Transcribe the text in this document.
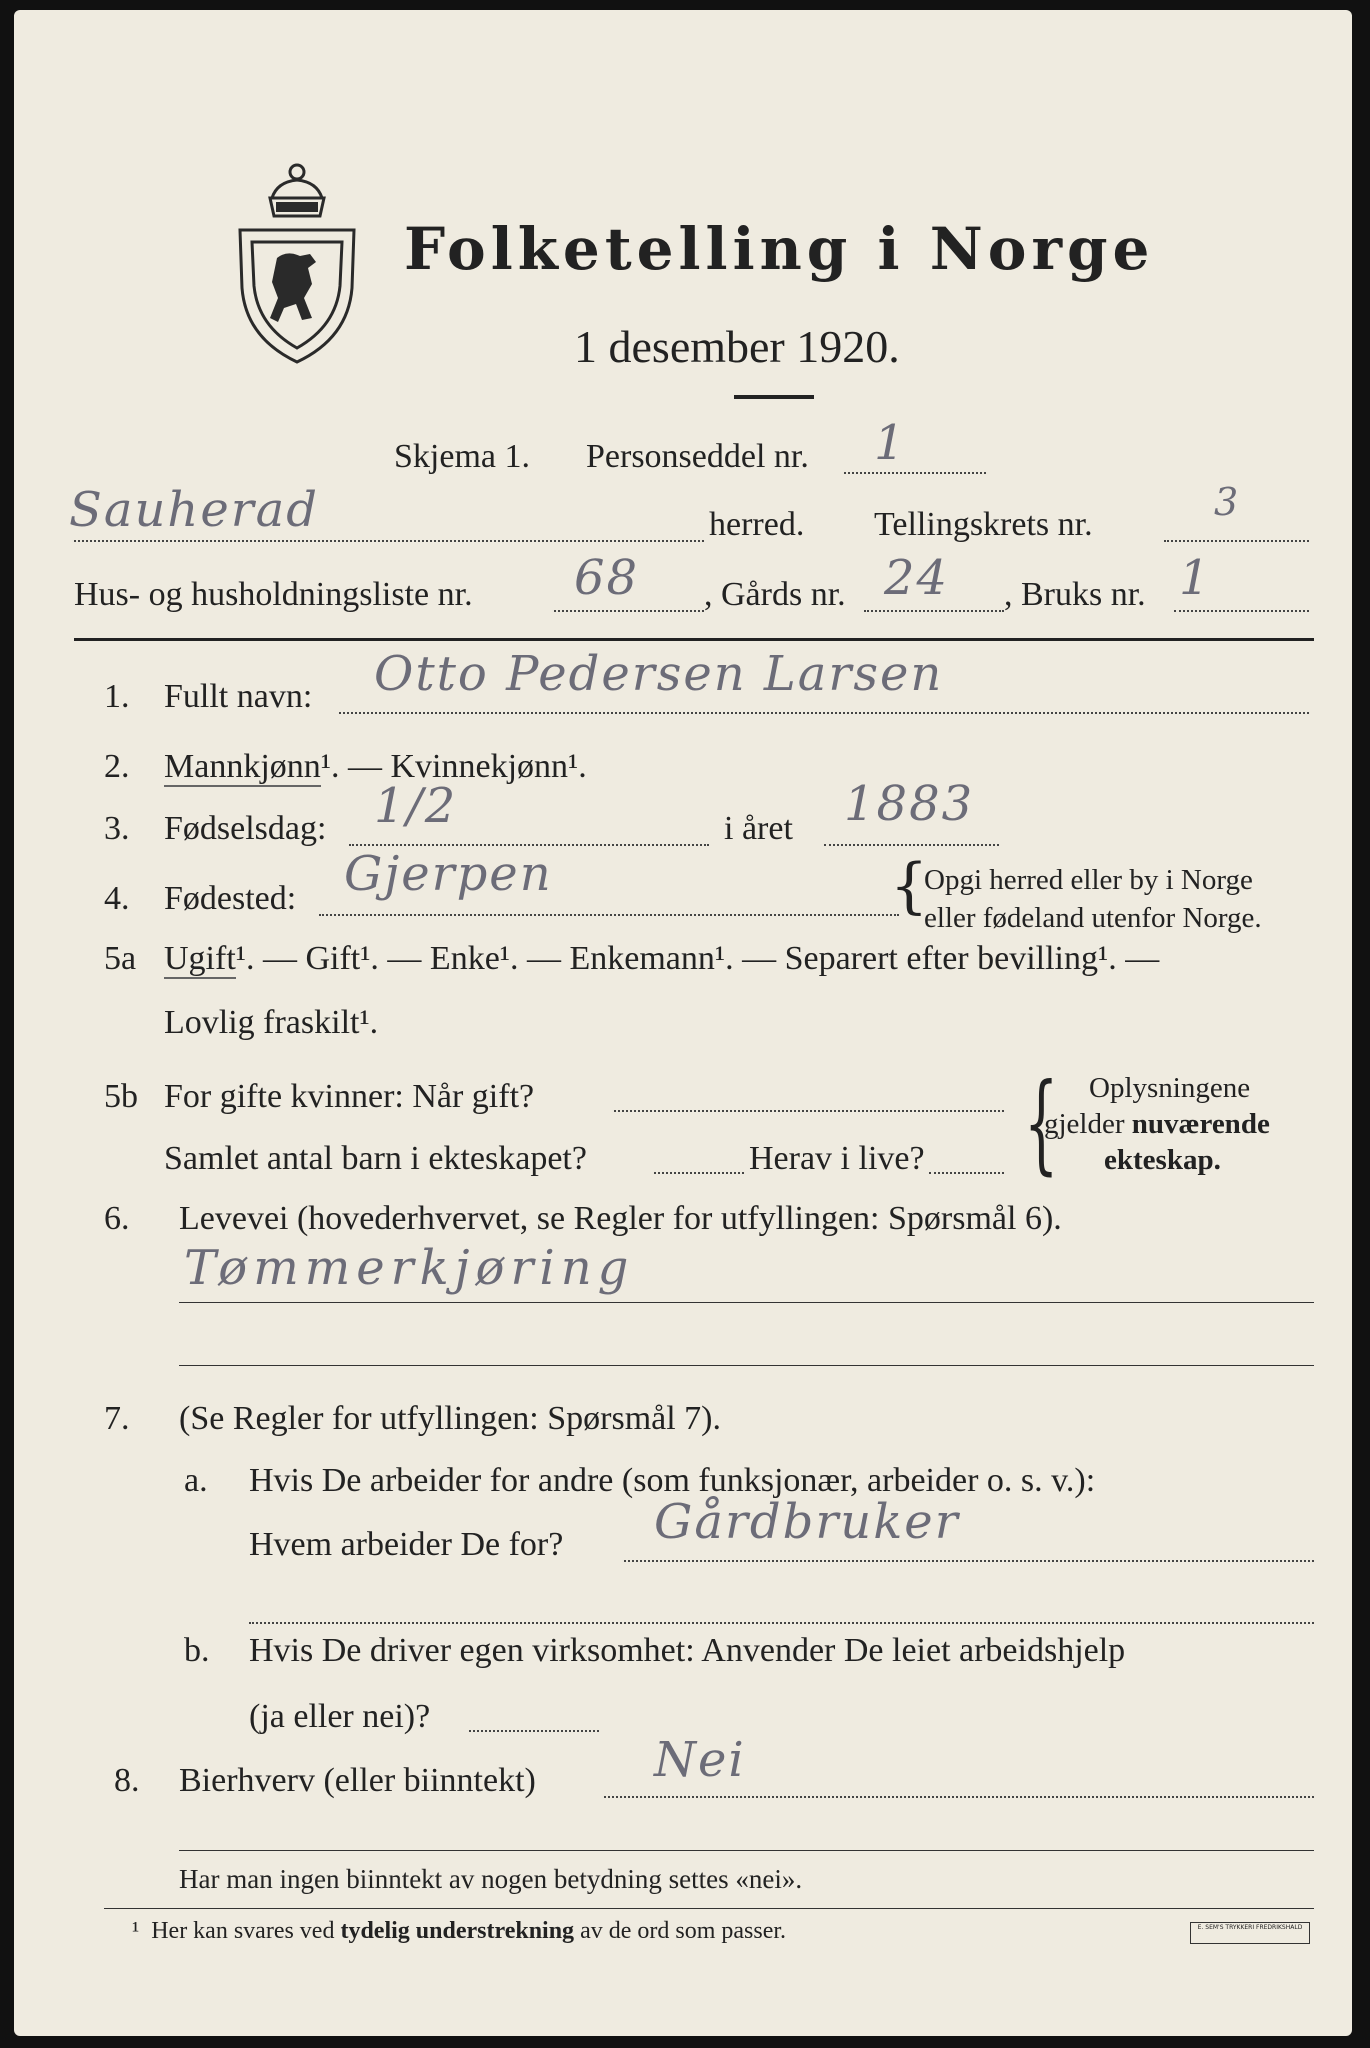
Folketelling i Norge
1 desember 1920.
Skjema 1. Personseddel nr. 1
Sauherad	herred. Tellingskrets nr.
3
Hus- og husholdningsliste nr. 68 , Gårds nr. 24 , Bruks nr. 1
1. Fullt navn: Otto Pedersen Larsen
2. Mannkjønn¹. — Kvinnekjønn¹.
3. Fødselsdag: 1/2	i året 1883
4. Fødested: Gjerpen	{
Opgi herred eller by i Norge
eller fødeland utenfor Norge.
5a Ugift¹. — Gift¹. — Enke¹. — Enkemann¹. — Separert efter bevilling¹. —
Lovlig fraskilt¹.
5b For gifte kvinner: Når gift?
Samlet antal barn i ekteskapet?	Herav i live? { Oplysningene
gjelder nuværende
ekteskap.
6. Levevei (hovederhvervet, se Regler for utfyllingen: Spørsmål 6).
Tømmerkjøring
7. (Se Regler for utfyllingen: Spørsmål 7).
a. Hvis De arbeider for andre (som funksjonær, arbeider o. s. v.):
Hvem arbeider De for? Gårdbruker
b. Hvis De driver egen virksomhet: Anvender De leiet arbeidshjelp
(ja eller nei)?
8. Bierhverv (eller biinntekt) Nei
Har man ingen biinntekt av nogen betydning settes «nei».
¹ Her kan svares ved tydelig understrekning av de ord som passer.	E. SEM'S TRYKKERI FREDRIKSHALD
